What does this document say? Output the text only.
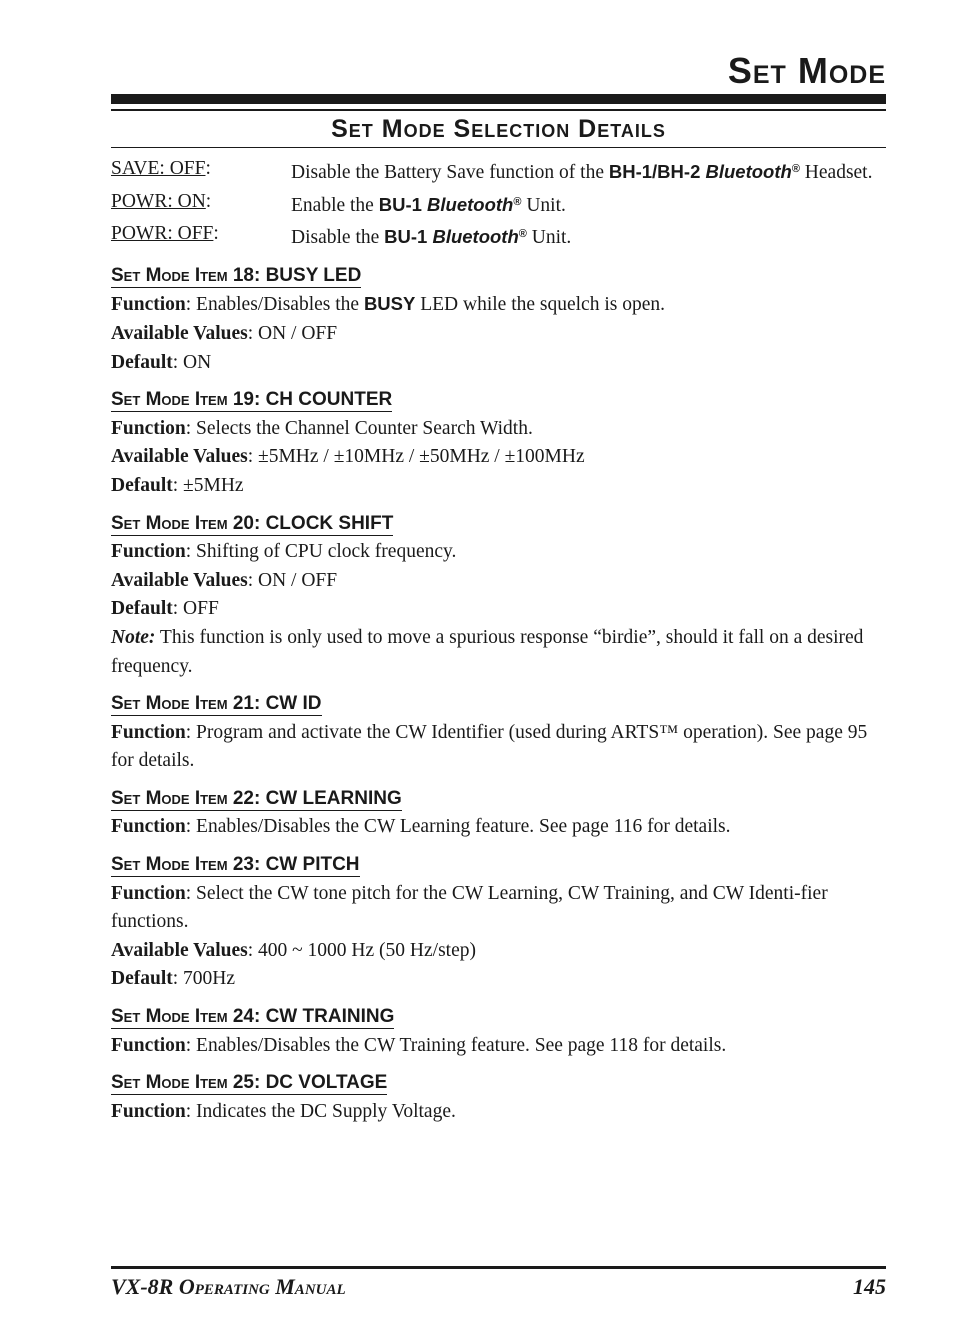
Set Mode
Set Mode Selection Details
SAVE: OFF:	Disable the Battery Save function of the BH-1/BH-2 Bluetooth® Headset.
POWR: ON:	Enable the BU-1 Bluetooth® Unit.
POWR: OFF:	Disable the BU-1 Bluetooth® Unit.
Set Mode Item 18: BUSY LED

Function: Enables/Disables the BUSY LED while the squelch is open.

Available Values: ON / OFF

Default: ON

Set Mode Item 19: CH COUNTER

Function: Selects the Channel Counter Search Width.

Available Values: ±5MHz / ±10MHz / ±50MHz / ±100MHz

Default: ±5MHz

Set Mode Item 20: CLOCK SHIFT

Function: Shifting of CPU clock frequency.

Available Values: ON / OFF

Default: OFF

Note: This function is only used to move a spurious response “birdie”, should it fall on a desired frequency.

Set Mode Item 21: CW ID

Function: Program and activate the CW Identifier (used during ARTS™ operation). See page 95 for details.

Set Mode Item 22: CW LEARNING

Function: Enables/Disables the CW Learning feature. See page 116 for details.

Set Mode Item 23: CW PITCH

Function: Select the CW tone pitch for the CW Learning, CW Training, and CW Identi-fier functions.

Available Values: 400 ~ 1000 Hz (50 Hz/step)

Default: 700Hz

Set Mode Item 24: CW TRAINING

Function: Enables/Disables the CW Training feature. See page 118 for details.

Set Mode Item 25: DC VOLTAGE

Function: Indicates the DC Supply Voltage.

VX-8R Operating Manual	145
